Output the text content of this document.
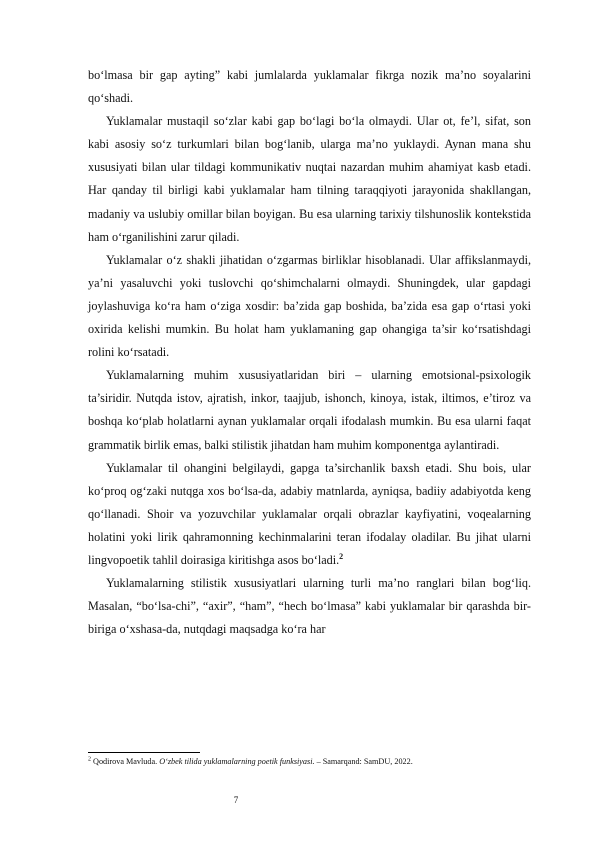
bo‘lmasa bir gap ayting” kabi jumlalarda yuklamalar fikrga nozik ma’no soyalarini qo‘shadi.

Yuklamalar mustaqil so‘zlar kabi gap bo‘lagi bo‘la olmaydi. Ular ot, fe’l, sifat, son kabi asosiy so‘z turkumlari bilan bog‘lanib, ularga ma’no yuklaydi. Aynan mana shu xususiyati bilan ular tildagi kommunikativ nuqtai nazardan muhim ahamiyat kasb etadi. Har qanday til birligi kabi yuklamalar ham tilning taraqqiyoti jarayonida shakllangan, madaniy va uslubiy omillar bilan boyigan. Bu esa ularning tarixiy tilshunoslik kontekstida ham o‘rganilishini zarur qiladi.

Yuklamalar o‘z shakli jihatidan o‘zgarmas birliklar hisoblanadi. Ular affikslanmaydi, ya’ni yasaluvchi yoki tuslovchi qo‘shimchalarni olmaydi. Shuningdek, ular gapdagi joylashuviga ko‘ra ham o‘ziga xosdir: ba’zida gap boshida, ba’zida esa gap o‘rtasi yoki oxirida kelishi mumkin. Bu holat ham yuklamaning gap ohangiga ta’sir ko‘rsatishdagi rolini ko‘rsatadi.

Yuklamalarning muhim xususiyatlaridan biri – ularning emotsional-psixologik ta’siridir. Nutqda istov, ajratish, inkor, taajjub, ishonch, kinoya, istak, iltimos, e’tiroz va boshqa ko‘plab holatlarni aynan yuklamalar orqali ifodalash mumkin. Bu esa ularni faqat grammatik birlik emas, balki stilistik jihatdan ham muhim komponentga aylantiradi.

Yuklamalar til ohangini belgilaydi, gapga ta’sirchanlik baxsh etadi. Shu bois, ular ko‘proq og‘zaki nutqga xos bo‘lsa-da, adabiy matnlarda, ayniqsa, badiiy adabiyotda keng qo‘llanadi. Shoir va yozuvchilar yuklamalar orqali obrazlar kayfiyatini, voqealarning holatini yoki lirik qahramonning kechinmalarini teran ifodalay oladilar. Bu jihat ularni lingvopoetik tahlil doirasiga kiritishga asos bo‘ladi.$^2$

Yuklamalarning stilistik xususiyatlari ularning turli ma’no ranglari bilan bog‘liq. Masalan, “bo‘lsa-chi”, “axir”, “ham”, “hech bo‘lmasa” kabi yuklamalar bir qarashda bir-biriga o‘xshasa-da, nutqdagi maqsadga ko‘ra har

$^2$ Qodirova Mavluda. O‘zbek tilida yuklamalarning poetik funksiyasi. – Samarqand: SamDU, 2022.
7
